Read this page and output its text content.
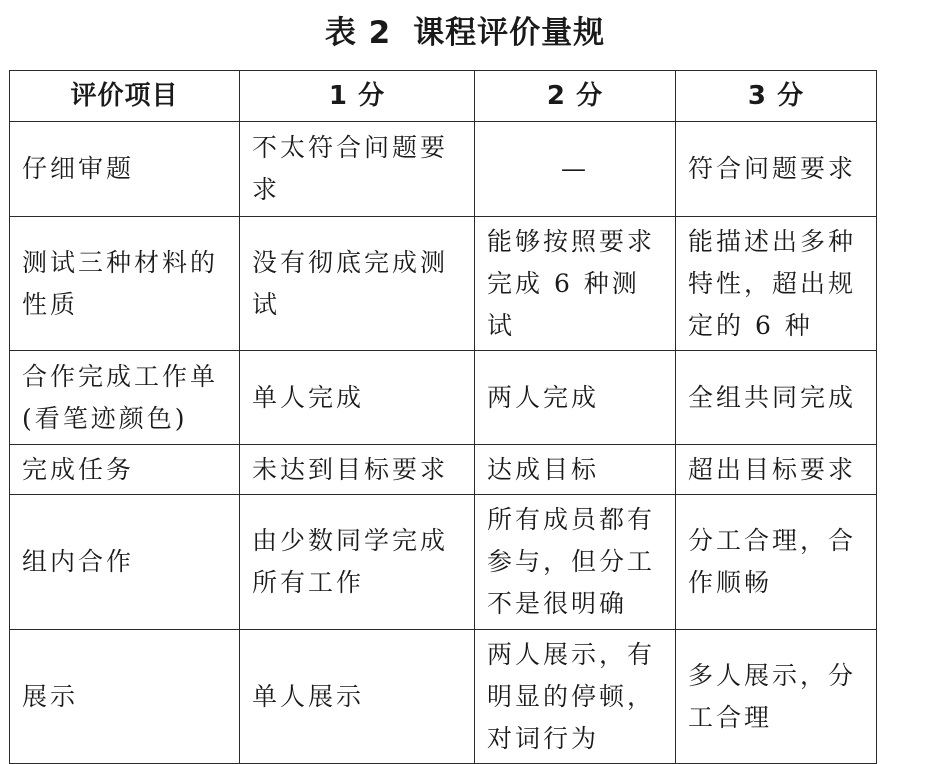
表 2 课程评价量规
评价项目	1 分	2 分	3 分
仔细审题	不太符合问题要求	—	符合问题要求
测试三种材料的性质	没有彻底完成测试	能够按照要求完成 6 种测试	能描述出多种特性，超出规定的 6 种
合作完成工作单(看笔迹颜色)	单人完成	两人完成	全组共同完成
完成任务	未达到目标要求	达成目标	超出目标要求
组内合作	由少数同学完成所有工作	所有成员都有参与，但分工不是很明确	分工合理，合作顺畅
展示	单人展示	两人展示，有明显的停顿，对词行为	多人展示，分工合理
